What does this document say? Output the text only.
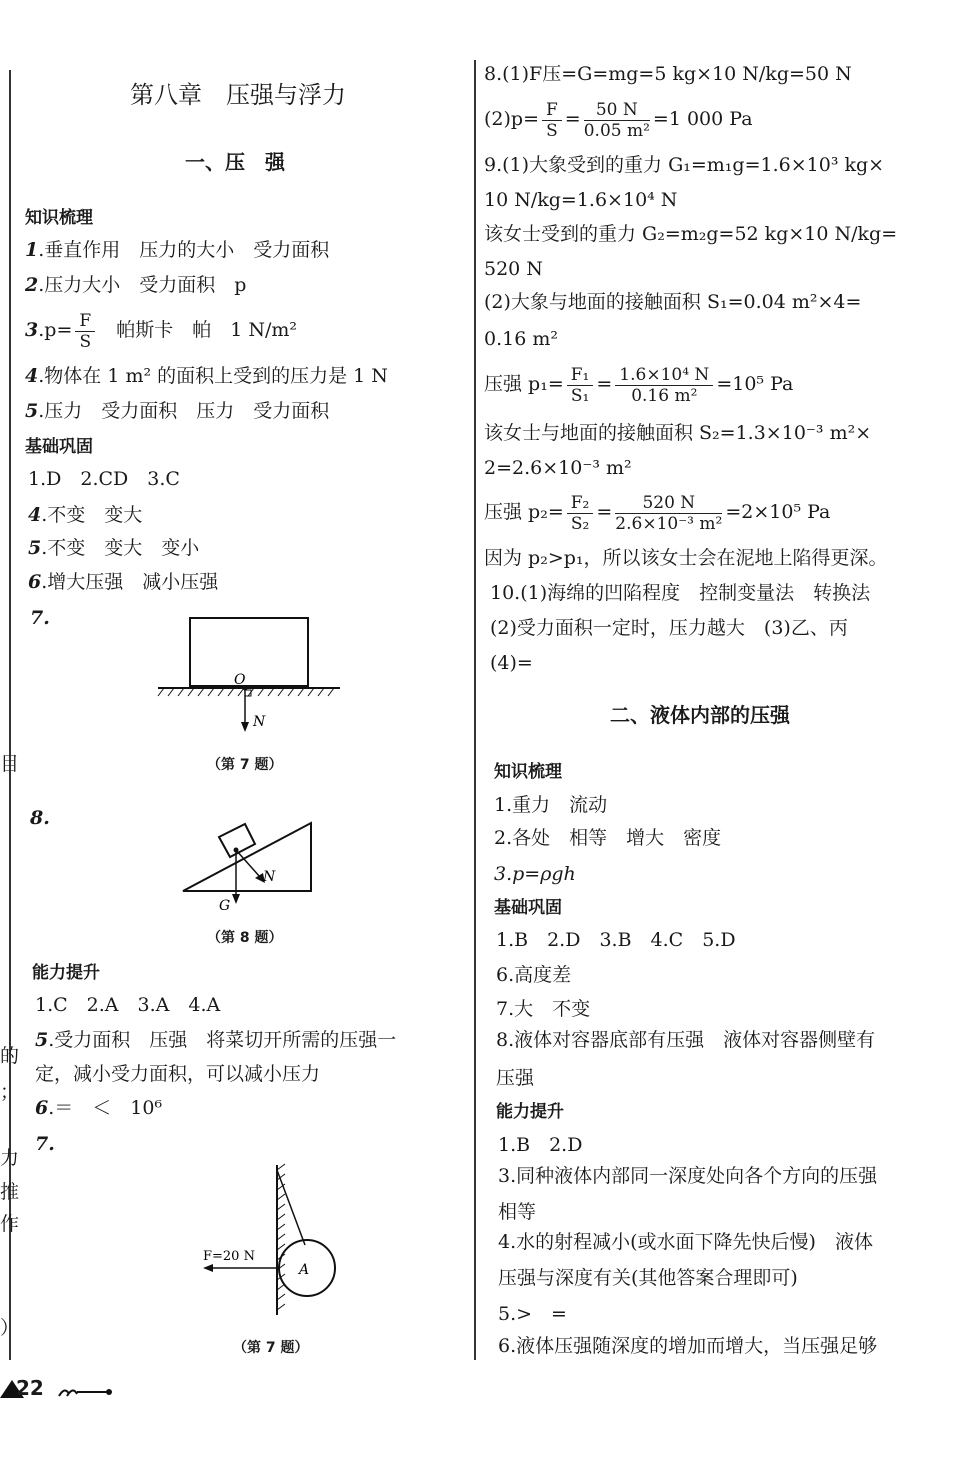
目
的
；
力
推
作
）
第八章　压强与浮力
一、压　强
知识梳理
1.垂直作用　压力的大小　受力面积
2.压力大小　受力面积　p
$3.p= \frac{F}{S}$ 帕斯卡　帕　1 N/m²
4.物体在 1 m² 的面积上受到的压力是 1 N
5.压力　受力面积　压力　受力面积
基础巩固
1.D　2.CD　3.C
4.不变　变大
5.不变　变大　变小
6.增大压强　减小压强
7.
O
N
（第 7 题）
8.
N
G
（第 8 题）
能力提升
1.C　2.A　3.A　4.A
5.受力面积　压强　将菜切开所需的压强一
定，减小受力面积，可以减小压力
6.＝　＜　10⁶
7.
F=20 N
A
（第 7 题）
22
8.(1)F压=G=mg=5 kg×10 N/kg=50 N
$(2)p= \frac{F}{S} = \frac{50 N}{\text{0.05 m²}} =1$ 000 Pa
9.(1)大象受到的重力 G₁=m₁g=1.6×10³ kg×
10 N/kg=1.6×10⁴ N
该女士受到的重力 G₂=m₂g=52 kg×10 N/kg=
520 N
(2)大象与地面的接触面积 S₁=0.04 m²×4=
0.16 m²
压强 $p_1= \frac{\text{F₁}}{\text{S₁}} = \frac{\text{1.6×10⁴ N}}{\text{0.16 m²}} =10^5$ Pa
该女士与地面的接触面积 S₂=1.3×10⁻³ m²×
2=2.6×10⁻³ m²
压强 $p_2= \frac{\text{F₂}}{\text{S₂}} = \frac{520 N}{\text{2.6×10⁻³ m²}} =2\times 10^5$ Pa
因为 p₂>p₁，所以该女士会在泥地上陷得更深。
10.(1)海绵的凹陷程度　控制变量法　转换法
(2)受力面积一定时，压力越大　(3)乙、丙
(4)=
二、液体内部的压强
知识梳理
1.重力　流动
2.各处　相等　增大　密度
3.p=ρgh
基础巩固
1.B　2.D　3.B　4.C　5.D
6.高度差
7.大　不变
8.液体对容器底部有压强　液体对容器侧壁有
压强
能力提升
1.B　2.D
3.同种液体内部同一深度处向各个方向的压强
相等
4.水的射程减小(或水面下降先快后慢)　液体
压强与深度有关(其他答案合理即可)
5.>　=
6.液体压强随深度的增加而增大，当压强足够
